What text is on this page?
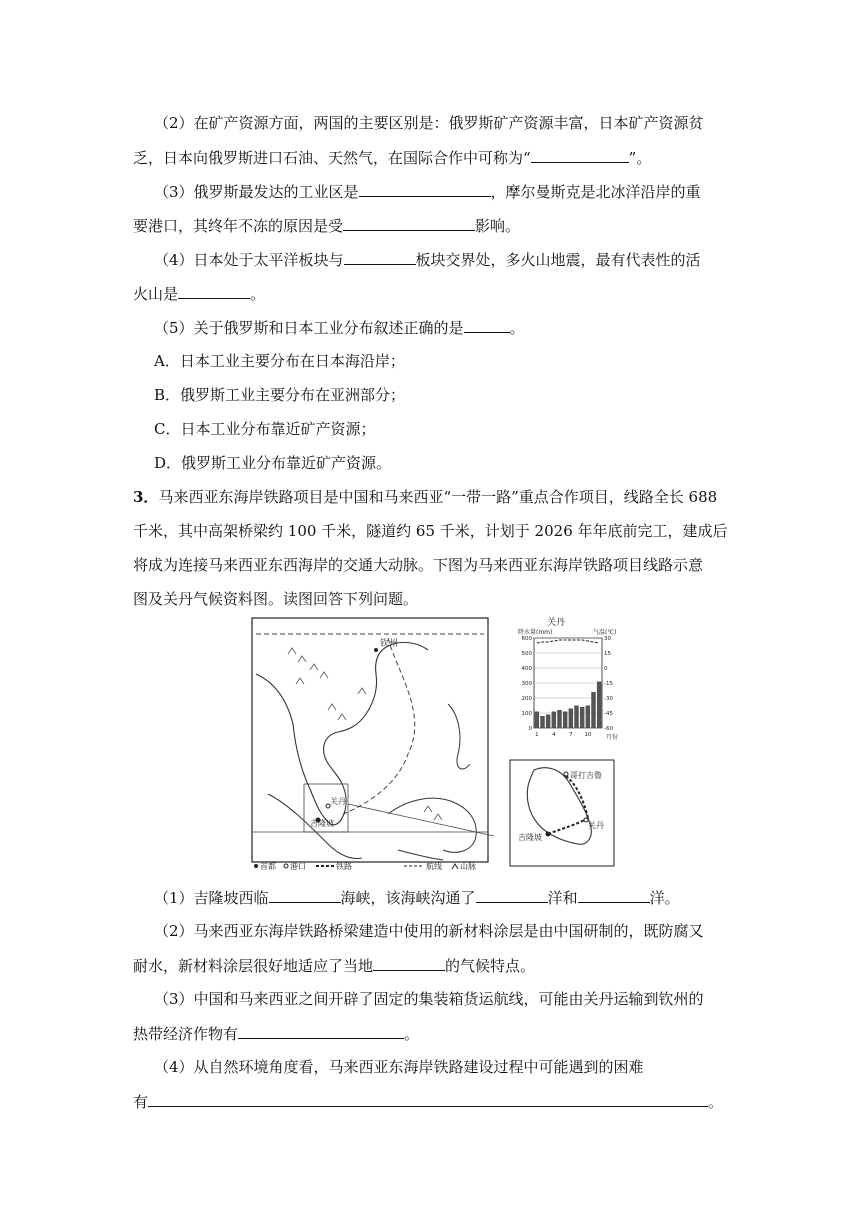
（2）在矿产资源方面，两国的主要区别是：俄罗斯矿产资源丰富，日本矿产资源贫
乏，日本向俄罗斯进口石油、天然气，在国际合作中可称为“	”。
（3）俄罗斯最发达的工业区是	，摩尔曼斯克是北冰洋沿岸的重
要港口，其终年不冻的原因是受	影响。
（4）日本处于太平洋板块与	板块交界处，多火山地震，最有代表性的活
火山是	。
（5）关于俄罗斯和日本工业分布叙述正确的是	。
A．日本工业主要分布在日本海沿岸；
B．俄罗斯工业主要分布在亚洲部分；
C．日本工业分布靠近矿产资源；
D．俄罗斯工业分布靠近矿产资源。
3．马来西亚东海岸铁路项目是中国和马来西亚“一带一路”重点合作项目，线路全长 688
千米，其中高架桥梁约 100 千米，隧道约 65 千米，计划于 2026 年年底前完工，建成后
将成为连接马来西亚东西海岸的交通大动脉。下图为马来西亚东海岸铁路项目线路示意
图及关丹气候资料图。读图回答下列问题。
钦州
关丹
吉隆坡
首都 港口	铁路	航线 山脉
哥打吉鲁
关丹
吉隆坡
关丹
降水量(mm)	气温(℃)
600
500
400
300
200
100
0
30
15
0
-15
-30
-45
-60
1 4 7 10 月份
（1）吉隆坡西临	海峡，该海峡沟通了	洋和	洋。
（2）马来西亚东海岸铁路桥梁建造中使用的新材料涂层是由中国研制的，既防腐又
耐水，新材料涂层很好地适应了当地	的气候特点。
（3）中国和马来西亚之间开辟了固定的集装箱货运航线，可能由关丹运输到钦州的
热带经济作物有	。
（4）从自然环境角度看，马来西亚东海岸铁路建设过程中可能遇到的困难
有	。
